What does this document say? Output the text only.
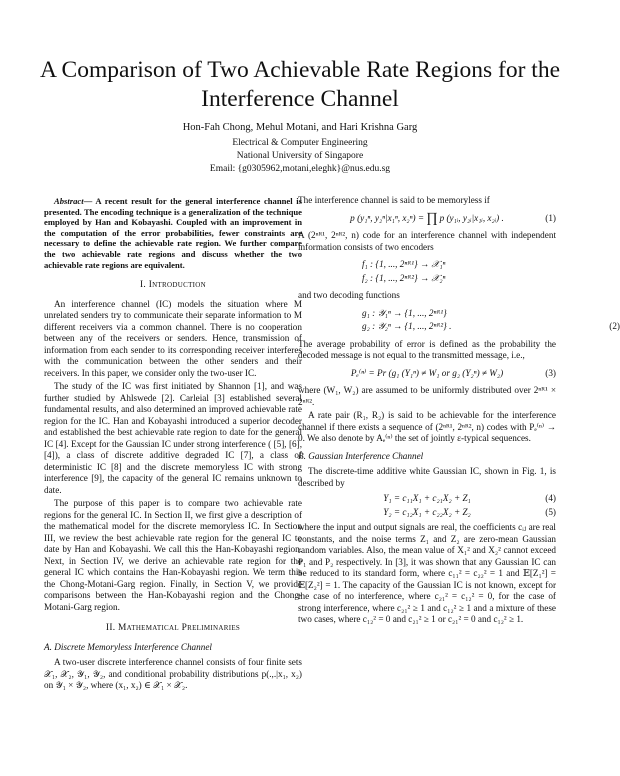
A Comparison of Two Achievable Rate Regions for the Interference Channel
Hon-Fah Chong, Mehul Motani, and Hari Krishna Garg
Electrical & Computer Engineering
National University of Singapore
Email: {g0305962,motani,eleghk}@nus.edu.sg

Abstract— A recent result for the general interference channel is presented. The encoding technique is a generalization of the technique employed by Han and Kobayashi. Coupled with an improvement in the computation of the error probabilities, fewer constraints are necessary to define the achievable rate region. We further compare the two achievable rate regions and discuss whether the two achievable rate regions are equivalent.

I. Introduction

An interference channel (IC) models the situation where M unrelated senders try to communicate their separate information to M different receivers via a common channel. There is no cooperation between any of the receivers or senders. Hence, transmission of information from each sender to its corresponding receiver interferes with the communication between the other senders and their receivers. In this paper, we consider only the two-user IC.

The study of the IC was first initiated by Shannon [1], and was further studied by Ahlswede [2]. Carleial [3] established several fundamental results, and also determined an improved achievable rate region for the IC. Han and Kobayashi introduced a superior decoder and established the best achievable rate region to date for the general IC [4]. Except for the Gaussian IC under strong interference ( [5], [6], [4]), a class of discrete additive degraded IC [7], a class of deterministic IC [8] and the discrete memoryless IC with strong interference [9], the capacity of the general IC remains unknown to date.

The purpose of this paper is to compare two achievable rate regions for the general IC. In Section II, we first give a description of the mathematical model for the discrete memoryless IC. In Section III, we review the best achievable rate region for the general IC to date by Han and Kobayashi. We call this the Han-Kobayashi region. Next, in Section IV, we derive an achievable rate region for the general IC which contains the Han-Kobayashi region. We term this the Chong-Motani-Garg region. Finally, in Section V, we provide comparisons between the Han-Kobayashi region and the Chong-Motani-Garg region.

II. Mathematical Preliminaries
A. Discrete Memoryless Interference Channel

A two-user discrete interference channel consists of four finite sets 𝒳₁, 𝒳₂, 𝒴₁, 𝒴₂, and conditional probability distributions p(.,.|x₁, x₂) on 𝒴₁ × 𝒴₂, where (x₁, x₂) ∈ 𝒳₁ × 𝒳₂.

The interference channel is said to be memoryless if

p (y₁ⁿ, y₂ⁿ|x₁ⁿ, x₂ⁿ) = ∏ p (y₁ᵢ, y₂ᵢ|x₁ᵢ, x₂ᵢ) .	(1)

A (2ⁿᴿ¹, 2ⁿᴿ², n) code for an interference channel with independent information consists of two encoders

f₁ : {1, ..., 2ⁿᴿ¹} → 𝒳₁ⁿ
f₂ : {1, ..., 2ⁿᴿ²} → 𝒳₂ⁿ

and two decoding functions

g₁ : 𝒴₁ⁿ → {1, ..., 2ⁿᴿ¹}
g₂ : 𝒴₂ⁿ → {1, ..., 2ⁿᴿ²} .	(2)

The average probability of error is defined as the probability the decoded message is not equal to the transmitted message, i.e.,

Pₑ⁽ⁿ⁾ = Pr (g₁ (Y₁ⁿ) ≠ W₁ or g₂ (Y₂ⁿ) ≠ W₂)	(3)

where (W₁, W₂) are assumed to be uniformly distributed over 2ⁿᴿ¹ × 2ⁿᴿ².

A rate pair (R₁, R₂) is said to be achievable for the interference channel if there exists a sequence of (2ⁿᴿ¹, 2ⁿᴿ², n) codes with Pₑ⁽ⁿ⁾ → 0. We also denote by Aₑ⁽ⁿ⁾ the set of jointly ε-typical sequences.

B. Gaussian Interference Channel

The discrete-time additive white Gaussian IC, shown in Fig. 1, is described by

Y₁ = c₁₁X₁ + c₂₁X₂ + Z₁	(4)
Y₂ = c₁₂X₁ + c₂₂X₂ + Z₂	(5)

where the input and output signals are real, the coefficients cᵢⱼ are real constants, and the noise terms Z₁ and Z₂ are zero-mean Gaussian random variables. Also, the mean value of X₁² and X₂² cannot exceed P₁ and P₂ respectively. In [3], it was shown that any Gaussian IC can be reduced to its standard form, where c₁₁² = c₂₂² = 1 and 𝔼[Z₁²] = 𝔼[Z₂²] = 1. The capacity of the Gaussian IC is not known, except for the case of no interference, where c₂₁² = c₁₂² = 0, for the case of strong interference, where c₂₁² ≥ 1 and c₁₂² ≥ 1 and a mixture of these two cases, where c₁₂² = 0 and c₂₁² ≥ 1 or c₂₁² = 0 and c₁₂² ≥ 1.
